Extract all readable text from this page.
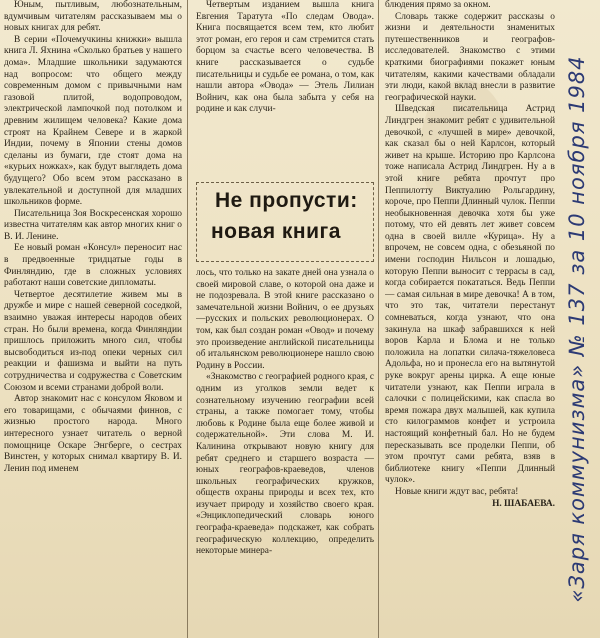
Юным, пытливым, любознательным, вдумчивым читателям рассказываем мы о новых книгах для ребят.

В серии «Почемучкины книжки» вышла книга Л. Яхнина «Сколько братьев у нашего дома». Младшие школьники задумаются над вопросом: что общего между современным домом с привычными нам газовой плитой, водопроводом, электрической лампочкой под потолком и древним жилищем человека? Какие дома строят на Крайнем Севере и в жаркой Индии, почему в Японии стены домов сделаны из бумаги, где стоят дома на «курьих ножках», как будут выглядеть дома будущего? Обо всем этом рассказано в увлекательной и доступной для младших школьников форме.

Писательница Зоя Воскресенская хорошо известна читателям как автор многих книг о В. И. Ленине.

Ее новый роман «Консул» переносит нас в предвоенные тридцатые годы в Финляндию, где в сложных условиях работают наши советские дипломаты.

Четвертое десятилетие живем мы в дружбе и мире с нашей северной соседкой, взаимно уважая интересы народов обеих стран. Но были времена, когда Финляндии пришлось приложить много сил, чтобы высвободиться из-под опеки черных сил реакции и фашизма и выйти на путь сотрудничества и содружества с Советским Союзом и всеми странами доброй воли.

Автор знакомит нас с консулом Яковом и его товарищами, с обычаями финнов, с жизнью простого народа. Много интересного узнает читатель о верной помощнице Оскаре Энгберге, о сестрах Винстен, у которых снимал квартиру В. И. Ленин под именем

Четвертым изданием вышла книга Евгения Таратута «По следам Овода». Книга посвящается всем тем, кто любит этот роман, его героя и сам стремится стать борцом за счастье всего человечества. В книге рассказывается о судьбе писательницы и судьбе ее романа, о том, как нашли автора «Овода» — Этель Лилиан Войнич, как она была забыта у себя на родине и как случи-

Не пропусти:
новая книга

лось, что только на закате дней она узнала о своей мировой славе, о которой она даже и не подозревала. В этой книге рассказано о замечательной жизни Войнич, о ее друзьях—русских и польских революционерах. О том, как был создан роман «Овод» и почему это произведение английской писательницы об итальянском революционере нашло свою Родину в России.

«Знакомство с географией родного края, с одним из уголков земли ведет к сознательному изучению географии всей страны, а также помогает тому, чтобы любовь к Родине была еще более живой и содержательной». Эти слова М. И. Калинина открывают новую книгу для ребят среднего и старшего возраста — юных географов-краеведов, членов школьных географических кружков, обществ охраны природы и всех тех, кто изучает природу и хозяйство своего края. «Энциклопедический словарь юного географа-краеведа» подскажет, как собрать географическую коллекцию, определить некоторые минера-

блюдения прямо за окном.

Словарь также содержит рассказы о жизни и деятельности знаменитых путешественников и географов-исследователей. Знакомство с этими краткими биографиями покажет юным читателям, какими качествами обладали эти люди, какой вклад внесли в развитие географической науки.

Шведская писательница Астрид Линдгрен знакомит ребят с удивительной девочкой, с «лучшей в мире» девочкой, как сказал бы о ней Карлсон, который живет на крыше. Историю про Карлсона тоже написала Астрид Линдгрен. Ну а в этой книге ребята прочтут про Пеппилотту Виктуалию Рольгардину, короче, про Пеппи Длинный чулок. Пеппи необыкновенная девочка хотя бы уже потому, что ей девять лет живет совсем одна в своей вилле «Курица». Ну а впрочем, не совсем одна, с обезьяной по имени господин Нильсон и лошадью, которую Пеппи выносит с террасы в сад, когда собирается покататься. Ведь Пеппи — самая сильная в мире девочка! А в том, что это так, читатели перестанут сомневаться, когда узнают, что она закинула на шкаф забравшихся к ней воров Карла и Блома и не только положила на лопатки силача-тяжеловеса Адольфа, но и пронесла его на вытянутой руке вокруг арены цирка. А еще юные читатели узнают, как Пеппи играла в салочки с полицейскими, как спасла во время пожара двух малышей, как купила сто килограммов конфет и устроила настоящий конфетный бал. Но не будем пересказывать все проделки Пеппи, об этом прочтут сами ребята, взяв в библиотеке книгу «Пеппи Длинный чулок».

Новые книги ждут вас, ребята!

Н. ШАБАЕВА. «Заря коммунизма» № 137 за 10 ноября 1984
